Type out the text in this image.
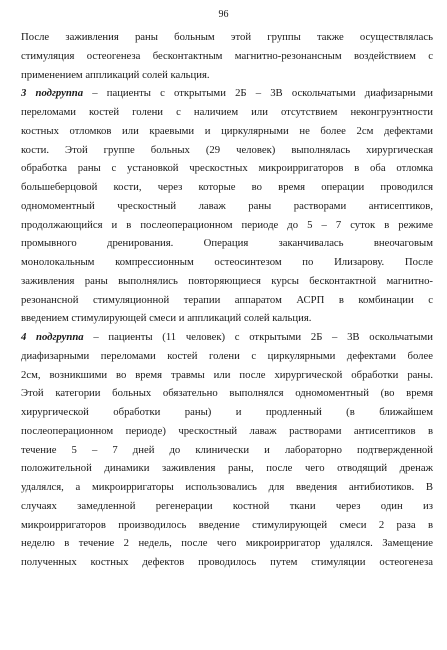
96
После заживления раны больным этой группы также осуществлялась
стимуляция остеогенеза бесконтактным магнитно-резонансным воздействием с
применением аппликаций солей кальция.
3 подгруппа – пациенты с открытыми 2Б – 3В оскольчатыми диафизарными
переломами костей голени с наличием или отсутствием неконгруэнтности
костных отломков или краевыми и циркулярными не более 2см дефектами
кости. Этой группе больных (29 человек) выполнялась хирургическая
обработка раны с установкой чрескостных микроирригаторов в оба отломка
большеберцовой кости, через которые во время операции проводился
одномоментный чрескостный лаваж раны растворами антисептиков,
продолжающийся и в послеоперационном периоде до 5 – 7 суток в режиме
промывного дренирования. Операция заканчивалась внеочаговым
монолокальным компрессионным остеосинтезом по Илизарову. После
заживления раны выполнялись повторяющиеся курсы бесконтактной магнитно-
резонансной стимуляционной терапии аппаратом АСРП в комбинации с
введением стимулирующей смеси и аппликаций солей кальция.
4 подгруппа – пациенты (11 человек) с открытыми 2Б – 3В оскольчатыми
диафизарными переломами костей голени с циркулярными дефектами более
2см, возникшими во время травмы или после хирургической обработки раны.
Этой категории больных обязательно выполнялся одномоментный (во время
хирургической обработки раны) и продленный (в ближайшем
послеоперационном периоде) чрескостный лаваж растворами антисептиков в
течение 5 – 7 дней до клинически и лабораторно подтвержденной
положительной динамики заживления раны, после чего отводящий дренаж
удалялся, а микроирригаторы использовались для введения антибиотиков. В
случаях замедленной регенерации костной ткани через один из
микроирригаторов производилось введение стимулирующей смеси 2 раза в
неделю в течение 2 недель, после чего микроирригатор удалялся. Замещение
полученных костных дефектов проводилось путем стимуляции остеогенеза
